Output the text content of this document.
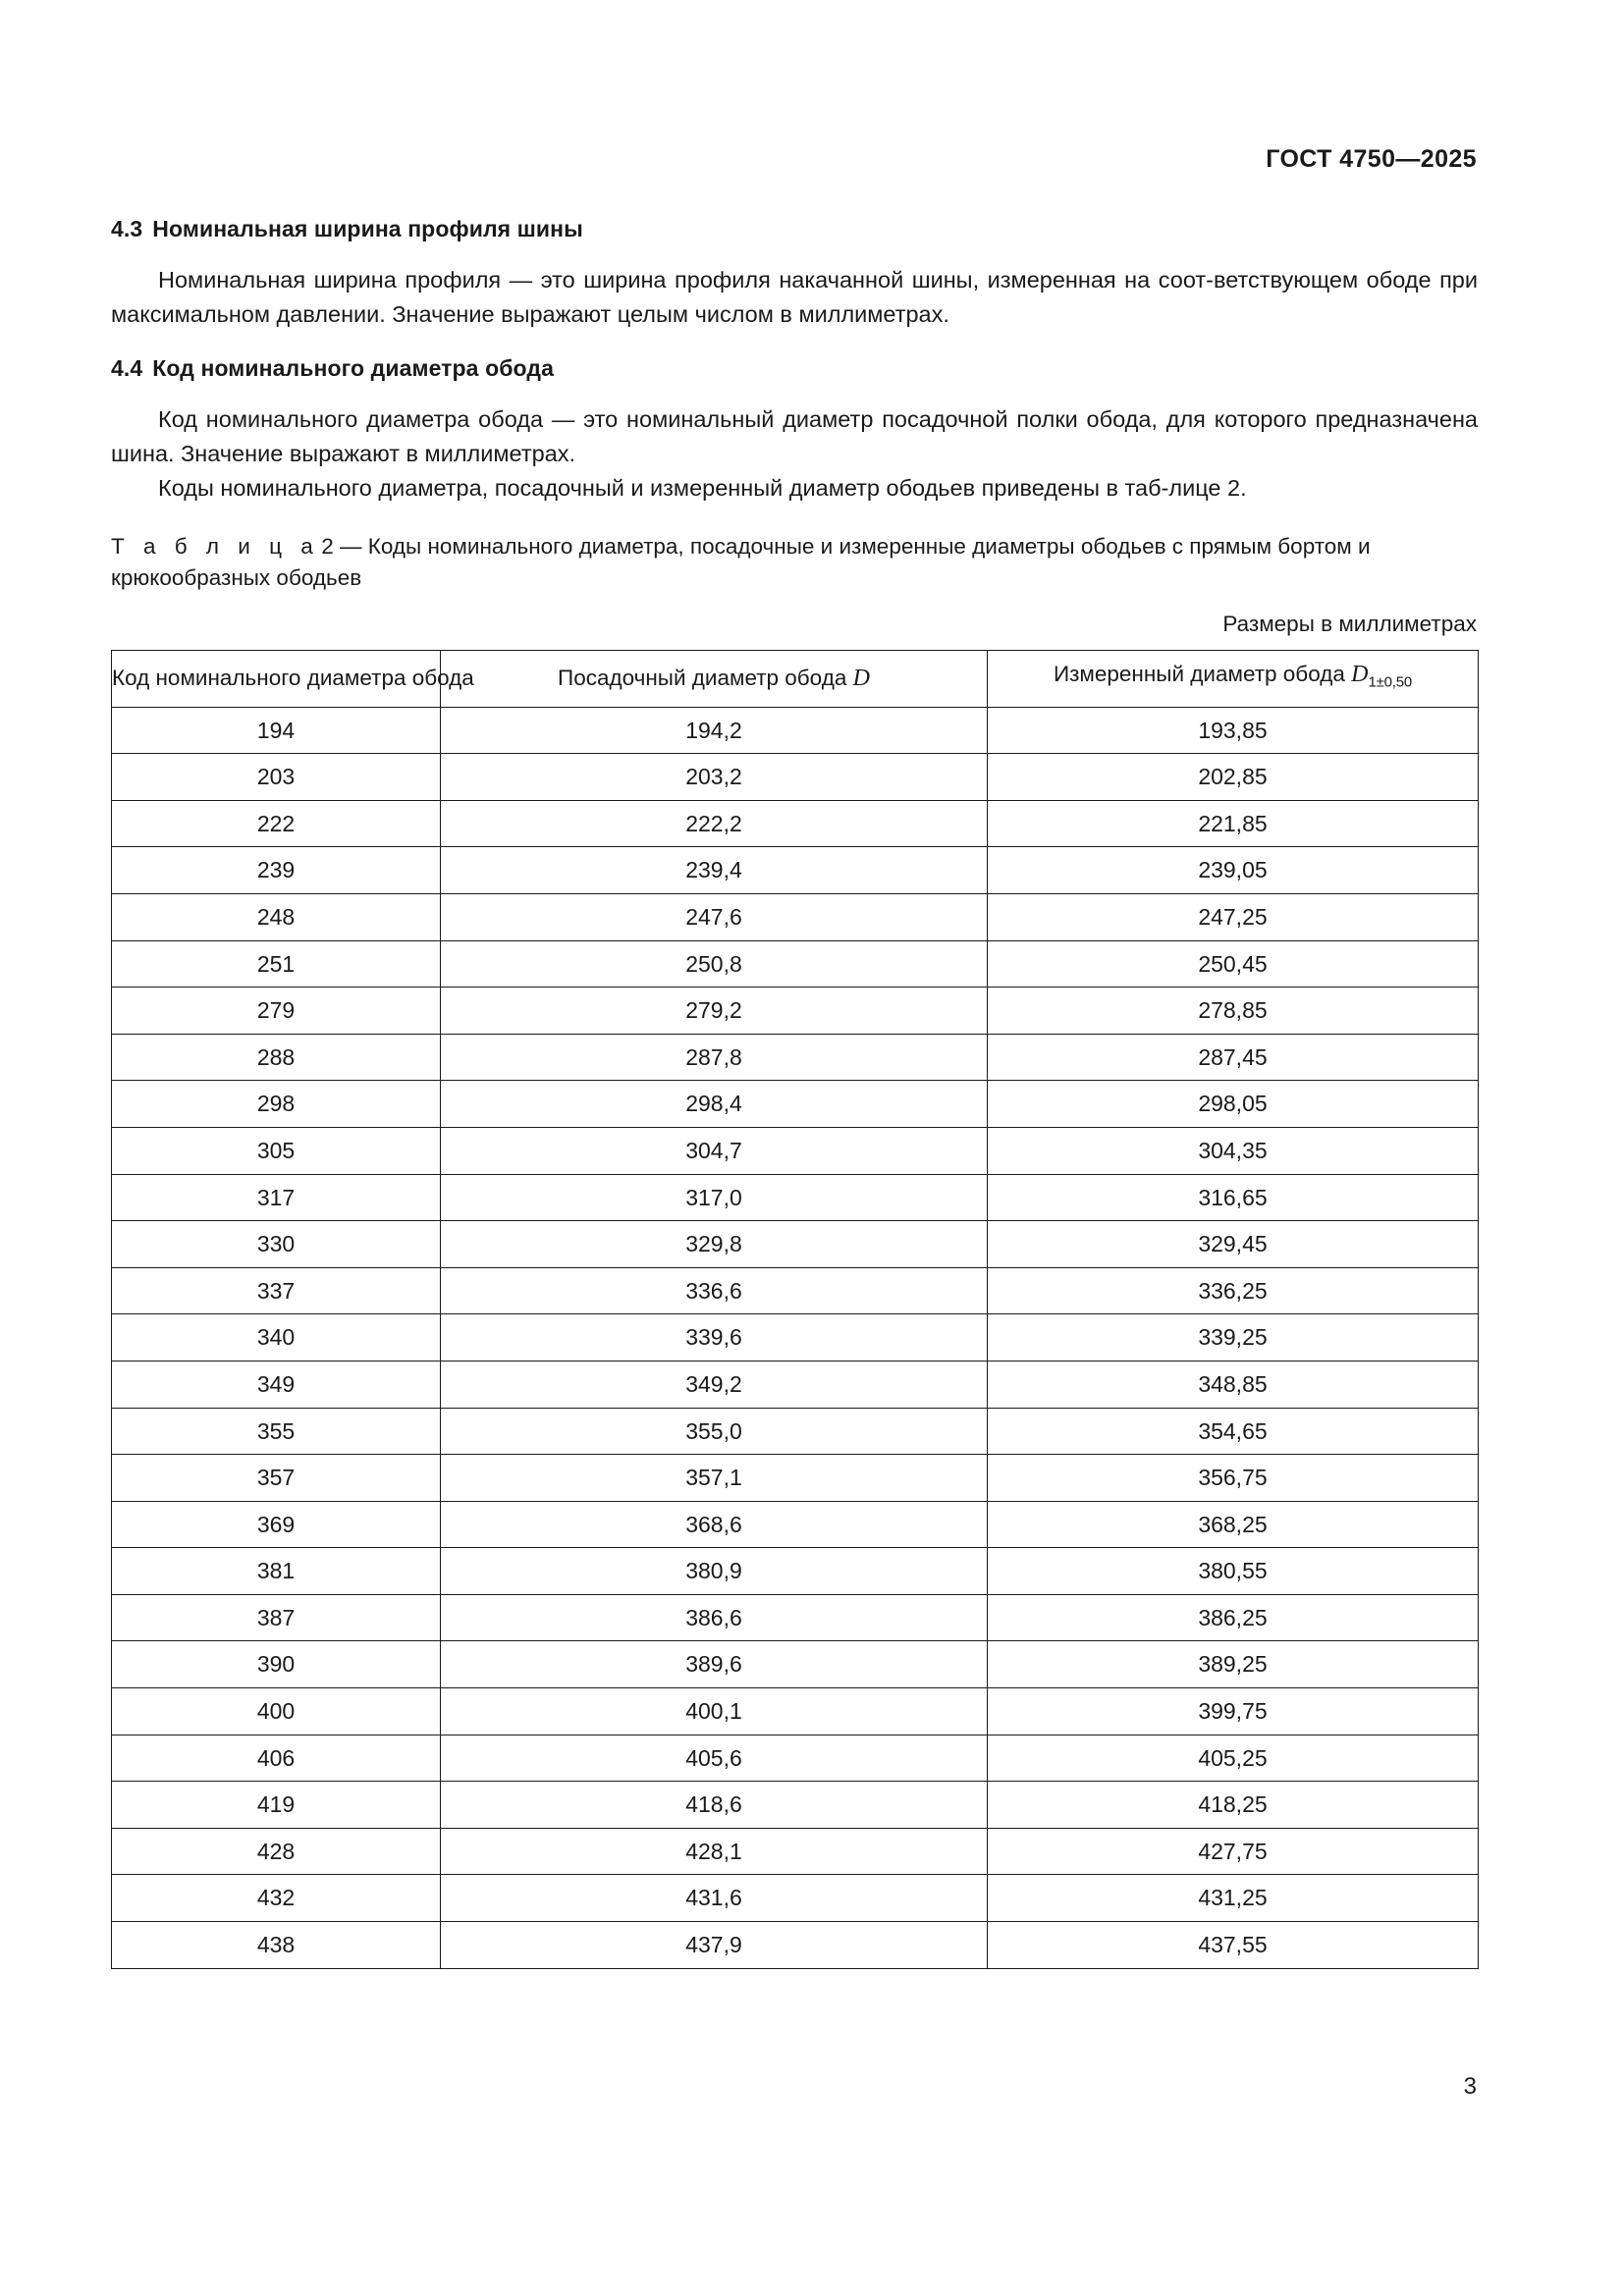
ГОСТ 4750—2025
4.3 Номинальная ширина профиля шины

Номинальная ширина профиля — это ширина профиля накачанной шины, измеренная на соот-ветствующем ободе при максимальном давлении. Значение выражают целым числом в миллиметрах.

4.4 Код номинального диаметра обода

Код номинального диаметра обода — это номинальный диаметр посадочной полки обода, для которого предназначена шина. Значение выражают в миллиметрах.

Коды номинального диаметра, посадочный и измеренный диаметр ободьев приведены в таб-лице 2.

Т а б л и ц а2 — Коды номинального диаметра, посадочные и измеренные диаметры ободьев с прямым бортом и крюкообразных ободьев

Размеры в миллиметрах

Код номинального диаметра обода	Посадочный диаметр обода D	Измеренный диаметр обода $D_{1\pm 0,50}$
194	194,2	193,85
203	203,2	202,85
222	222,2	221,85
239	239,4	239,05
248	247,6	247,25
251	250,8	250,45
279	279,2	278,85
288	287,8	287,45
298	298,4	298,05
305	304,7	304,35
317	317,0	316,65
330	329,8	329,45
337	336,6	336,25
340	339,6	339,25
349	349,2	348,85
355	355,0	354,65
357	357,1	356,75
369	368,6	368,25
381	380,9	380,55
387	386,6	386,25
390	389,6	389,25
400	400,1	399,75
406	405,6	405,25
419	418,6	418,25
428	428,1	427,75
432	431,6	431,25
438	437,9	437,55
3
